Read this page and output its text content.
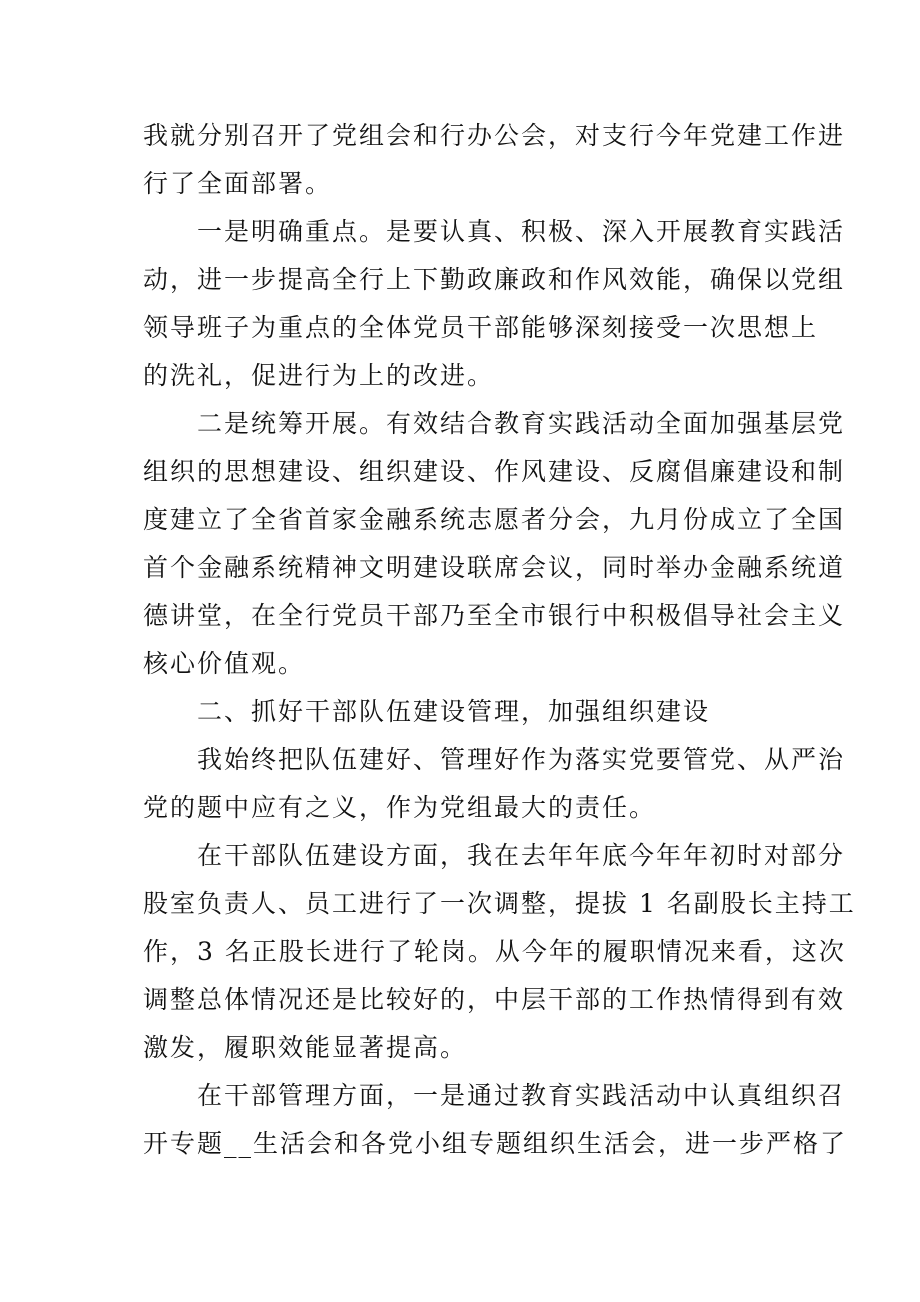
我就分别召开了党组会和行办公会，对支行今年党建工作进
行了全面部署。
一是明确重点。是要认真、积极、深入开展教育实践活
动，进一步提高全行上下勤政廉政和作风效能，确保以党组
领导班子为重点的全体党员干部能够深刻接受一次思想上
的洗礼，促进行为上的改进。
二是统筹开展。有效结合教育实践活动全面加强基层党
组织的思想建设、组织建设、作风建设、反腐倡廉建设和制
度建立了全省首家金融系统志愿者分会，九月份成立了全国
首个金融系统精神文明建设联席会议，同时举办金融系统道
德讲堂，在全行党员干部乃至全市银行中积极倡导社会主义
核心价值观。
二、抓好干部队伍建设管理，加强组织建设
我始终把队伍建好、管理好作为落实党要管党、从严治
党的题中应有之义，作为党组最大的责任。
在干部队伍建设方面，我在去年年底今年年初时对部分
股室负责人、员工进行了一次调整，提拔 1 名副股长主持工
作，3 名正股长进行了轮岗。从今年的履职情况来看，这次
调整总体情况还是比较好的，中层干部的工作热情得到有效
激发，履职效能显著提高。
在干部管理方面，一是通过教育实践活动中认真组织召
开专题__生活会和各党小组专题组织生活会，进一步严格了
